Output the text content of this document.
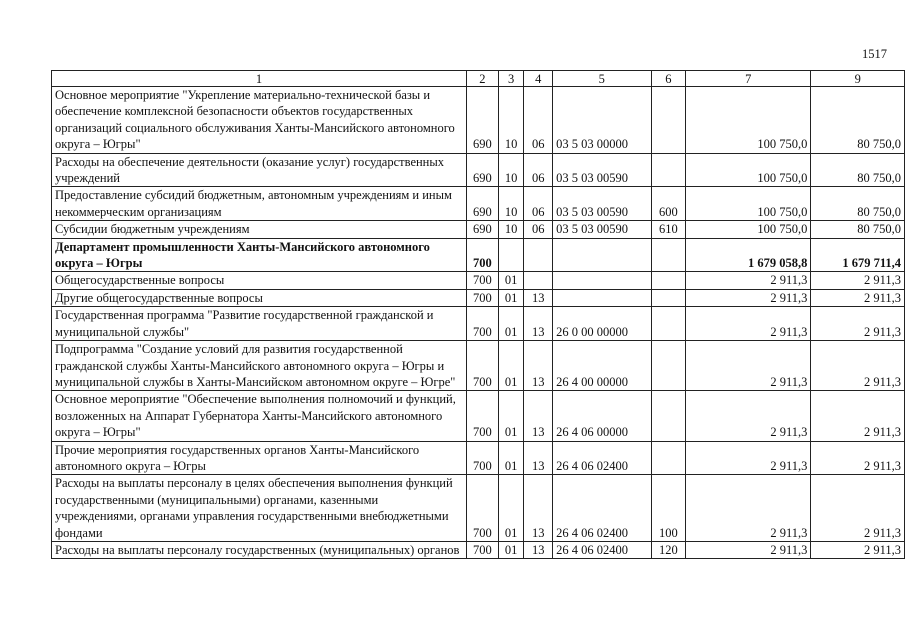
1517
1	2	3	4	5	6	7	9
Основное мероприятие "Укрепление материально-технической базы и обеспечение комплексной безопасности объектов государственных организаций социального обслуживания Ханты-Мансийского автономного округа – Югры"	690	10	06	03 5 03 00000		100 750,0	80 750,0
Расходы на обеспечение деятельности (оказание услуг) государственных учреждений	690	10	06	03 5 03 00590		100 750,0	80 750,0
Предоставление субсидий бюджетным, автономным учреждениям и иным некоммерческим организациям	690	10	06	03 5 03 00590	600	100 750,0	80 750,0
Субсидии бюджетным учреждениям	690	10	06	03 5 03 00590	610	100 750,0	80 750,0
Департамент промышленности Ханты-Мансийского автономного округа – Югры	700					1 679 058,8	1 679 711,4
Общегосударственные вопросы	700	01				2 911,3	2 911,3
Другие общегосударственные вопросы	700	01	13			2 911,3	2 911,3
Государственная программа "Развитие государственной гражданской и муниципальной службы"	700	01	13	26 0 00 00000		2 911,3	2 911,3
Подпрограмма "Создание условий для развития государственной гражданской службы Ханты-Мансийского автономного округа – Югры и муниципальной службы в Ханты-Мансийском автономном округе – Югре"	700	01	13	26 4 00 00000		2 911,3	2 911,3
Основное мероприятие "Обеспечение выполнения полномочий и функций, возложенных на Аппарат Губернатора Ханты-Мансийского автономного округа – Югры"	700	01	13	26 4 06 00000		2 911,3	2 911,3
Прочие мероприятия государственных органов Ханты-Мансийского автономного округа – Югры	700	01	13	26 4 06 02400		2 911,3	2 911,3
Расходы на выплаты персоналу в целях обеспечения выполнения функций государственными (муниципальными) органами, казенными учреждениями, органами управления государственными внебюджетными фондами	700	01	13	26 4 06 02400	100	2 911,3	2 911,3
Расходы на выплаты персоналу государственных (муниципальных) органов	700	01	13	26 4 06 02400	120	2 911,3	2 911,3
